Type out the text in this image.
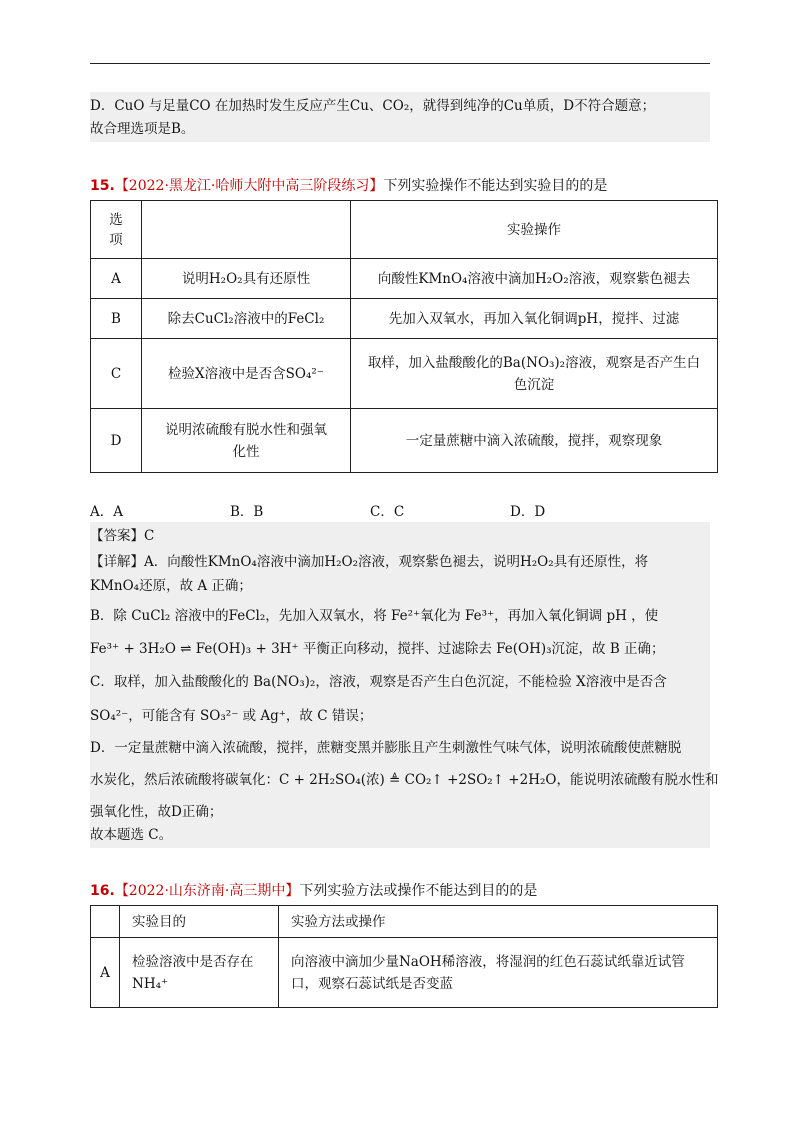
D．CuO 与足量CO 在加热时发生反应产生Cu、CO₂，就得到纯净的Cu单质，D不符合题意；
故合理选项是B。
15.【2022·黑龙江·哈师大附中高三阶段练习】下列实验操作不能达到实验目的的是
选
项		实验操作
A	说明H₂O₂具有还原性	向酸性KMnO₄溶液中滴加H₂O₂溶液，观察紫色褪去
B	除去CuCl₂溶液中的FeCl₂	先加入双氧水，再加入氧化铜调pH，搅拌、过滤
C	检验X溶液中是否含SO₄²⁻	取样，加入盐酸酸化的Ba(NO₃)₂溶液，观察是否产生白色沉淀
D	说明浓硫酸有脱水性和强氧化性	一定量蔗糖中滴入浓硫酸，搅拌，观察现象
A．A	B．B	C．C	D．D
【答案】C
【详解】A．向酸性KMnO₄溶液中滴加H₂O₂溶液，观察紫色褪去，说明H₂O₂具有还原性，将
KMnO₄还原，故 A 正确；
B．除 CuCl₂ 溶液中的FeCl₂，先加入双氧水，将 Fe²⁺氧化为 Fe³⁺，再加入氧化铜调 pH ，使
Fe³⁺ + 3H₂O ⇌ Fe(OH)₃ + 3H⁺ 平衡正向移动，搅拌、过滤除去 Fe(OH)₃沉淀，故 B 正确；
C．取样，加入盐酸酸化的 Ba(NO₃)₂，溶液，观察是否产生白色沉淀，不能检验 X溶液中是否含
SO₄²⁻，可能含有 SO₃²⁻ 或 Ag⁺，故 C 错误；
D．一定量蔗糖中滴入浓硫酸，搅拌，蔗糖变黑并膨胀且产生刺激性气味气体，说明浓硫酸使蔗糖脱
水炭化，然后浓硫酸将碳氧化：C + 2H₂SO₄(浓) ≜ CO₂↑ +2SO₂↑ +2H₂O，能说明浓硫酸有脱水性和
强氧化性，故D正确；
故本题选 C。
16.【2022·山东济南·高三期中】下列实验方法或操作不能达到目的的是
	实验目的	实验方法或操作
A	检验溶液中是否存在NH₄⁺	向溶液中滴加少量NaOH稀溶液，将湿润的红色石蕊试纸靠近试管口，观察石蕊试纸是否变蓝
